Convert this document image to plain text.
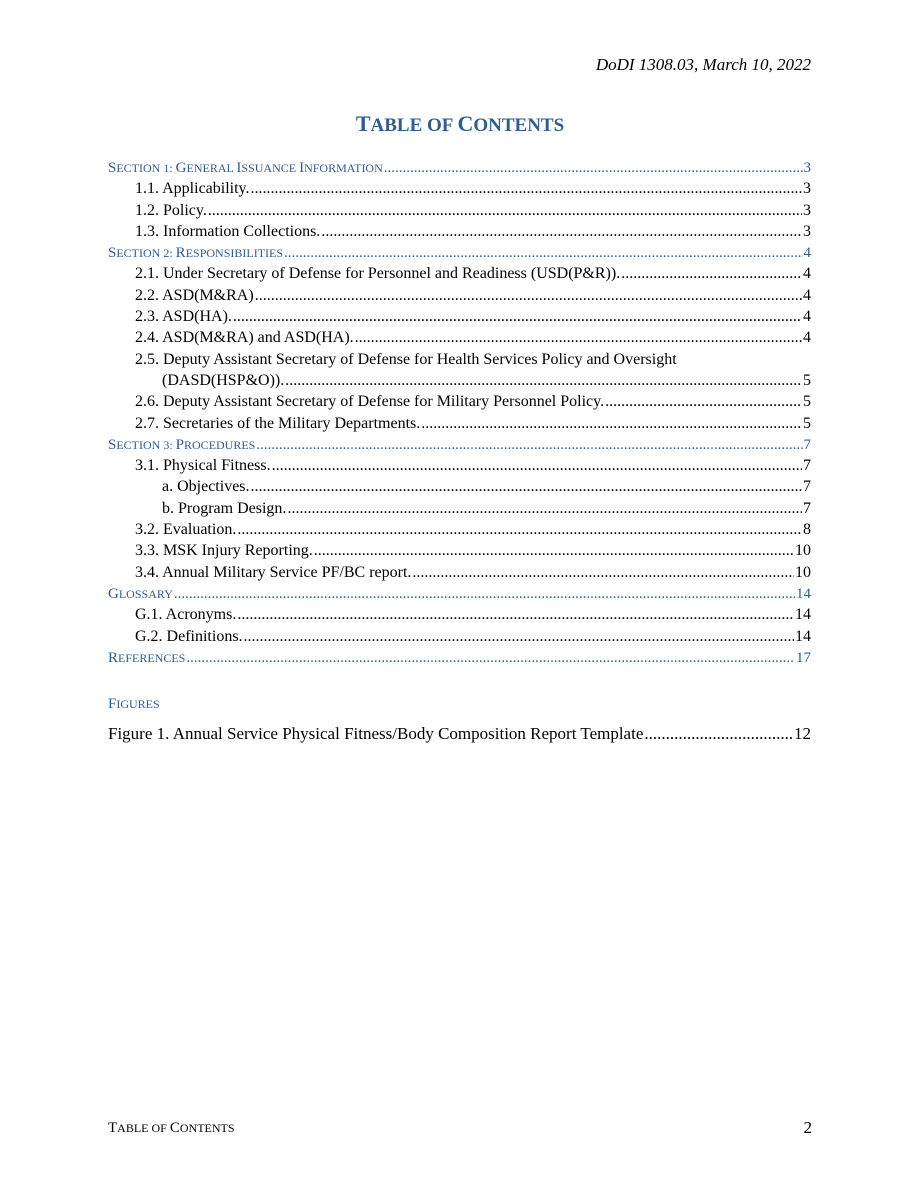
DoDI 1308.03, March 10, 2022
TABLE OF CONTENTS
SECTION 1: GENERAL ISSUANCE INFORMATION .....	3
1.1. Applicability. .....	3
1.2. Policy. .....	3
1.3. Information Collections. .....	3
SECTION 2: RESPONSIBILITIES .....	4
2.1. Under Secretary of Defense for Personnel and Readiness (USD(P&R)). .....	4
2.2. ASD(M&RA) .....	4
2.3. ASD(HA). .....	4
2.4. ASD(M&RA) and ASD(HA). .....	4
2.5. Deputy Assistant Secretary of Defense for Health Services Policy and Oversight
(DASD(HSP&O)). .....	5
2.6. Deputy Assistant Secretary of Defense for Military Personnel Policy. .....	5
2.7. Secretaries of the Military Departments. .....	5
SECTION 3: PROCEDURES .....	7
3.1. Physical Fitness. .....	7
a. Objectives. .....	7
b. Program Design. .....	7
3.2. Evaluation. .....	8
3.3. MSK Injury Reporting. .....	10
3.4. Annual Military Service PF/BC report. .....	10
GLOSSARY .....	14
G.1. Acronyms. .....	14
G.2. Definitions. .....	14
REFERENCES .....	17
FIGURES
Figure 1. Annual Service Physical Fitness/Body Composition Report Template .....	12
TABLE OF CONTENTS	2
